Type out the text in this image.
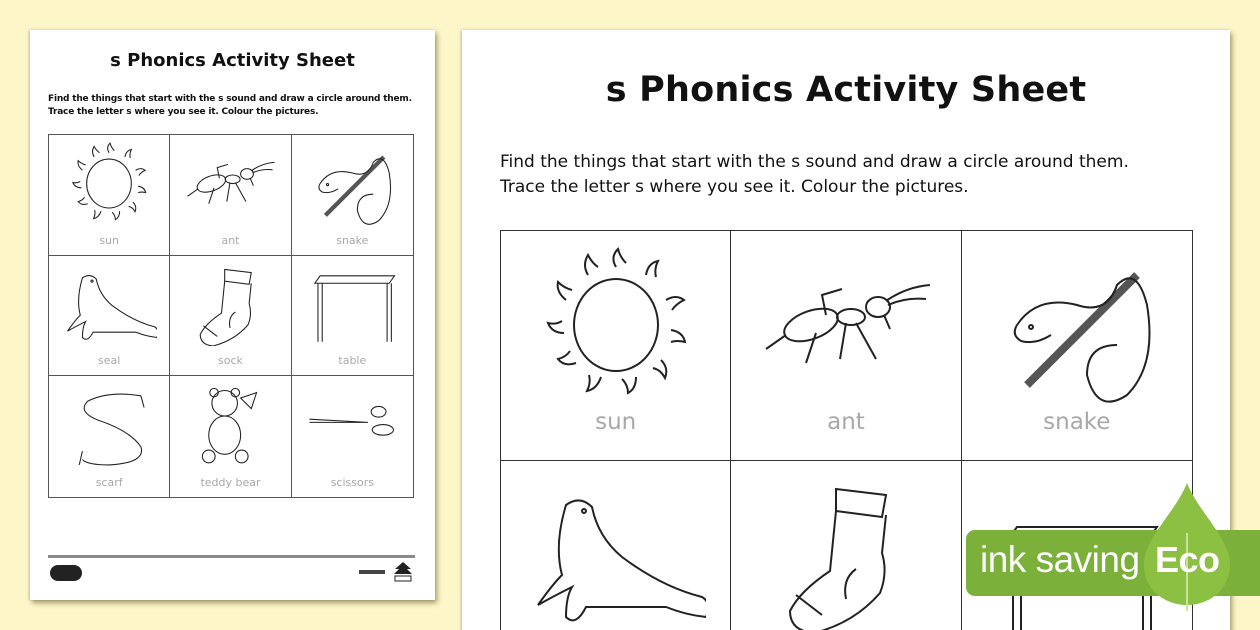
s Phonics Activity Sheet
Find the things that start with the s sound and draw a circle around them.
Trace the letter s where you see it. Colour the pictures.
sun	ant	snake
seal	sock	table
scarf	teddy bear	scissors
s Phonics Activity Sheet
Find the things that start with the s sound and draw a circle around them.
Trace the letter s where you see it. Colour the pictures.
sun	ant	snake
ink saving Eco
